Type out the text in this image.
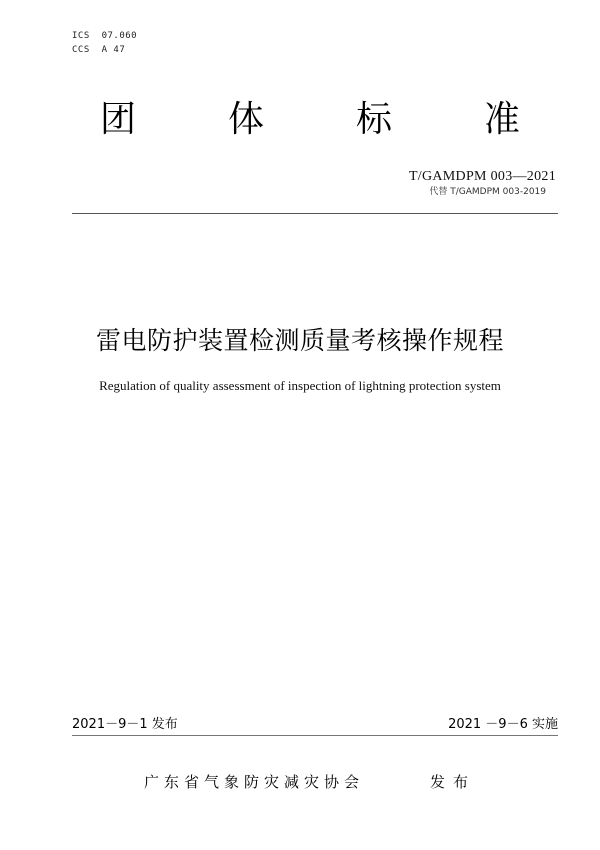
ICS  07.060
CCS  A 47
团	体	标	准
T/GAMDPM 003—2021
代替 T/GAMDPM 003-2019
雷电防护装置检测质量考核操作规程
Regulation of quality assessment of inspection of lightning protection system
2021－9－1 发布	2021 －9－6 实施
广东省气象防灾减灾协会	发布
